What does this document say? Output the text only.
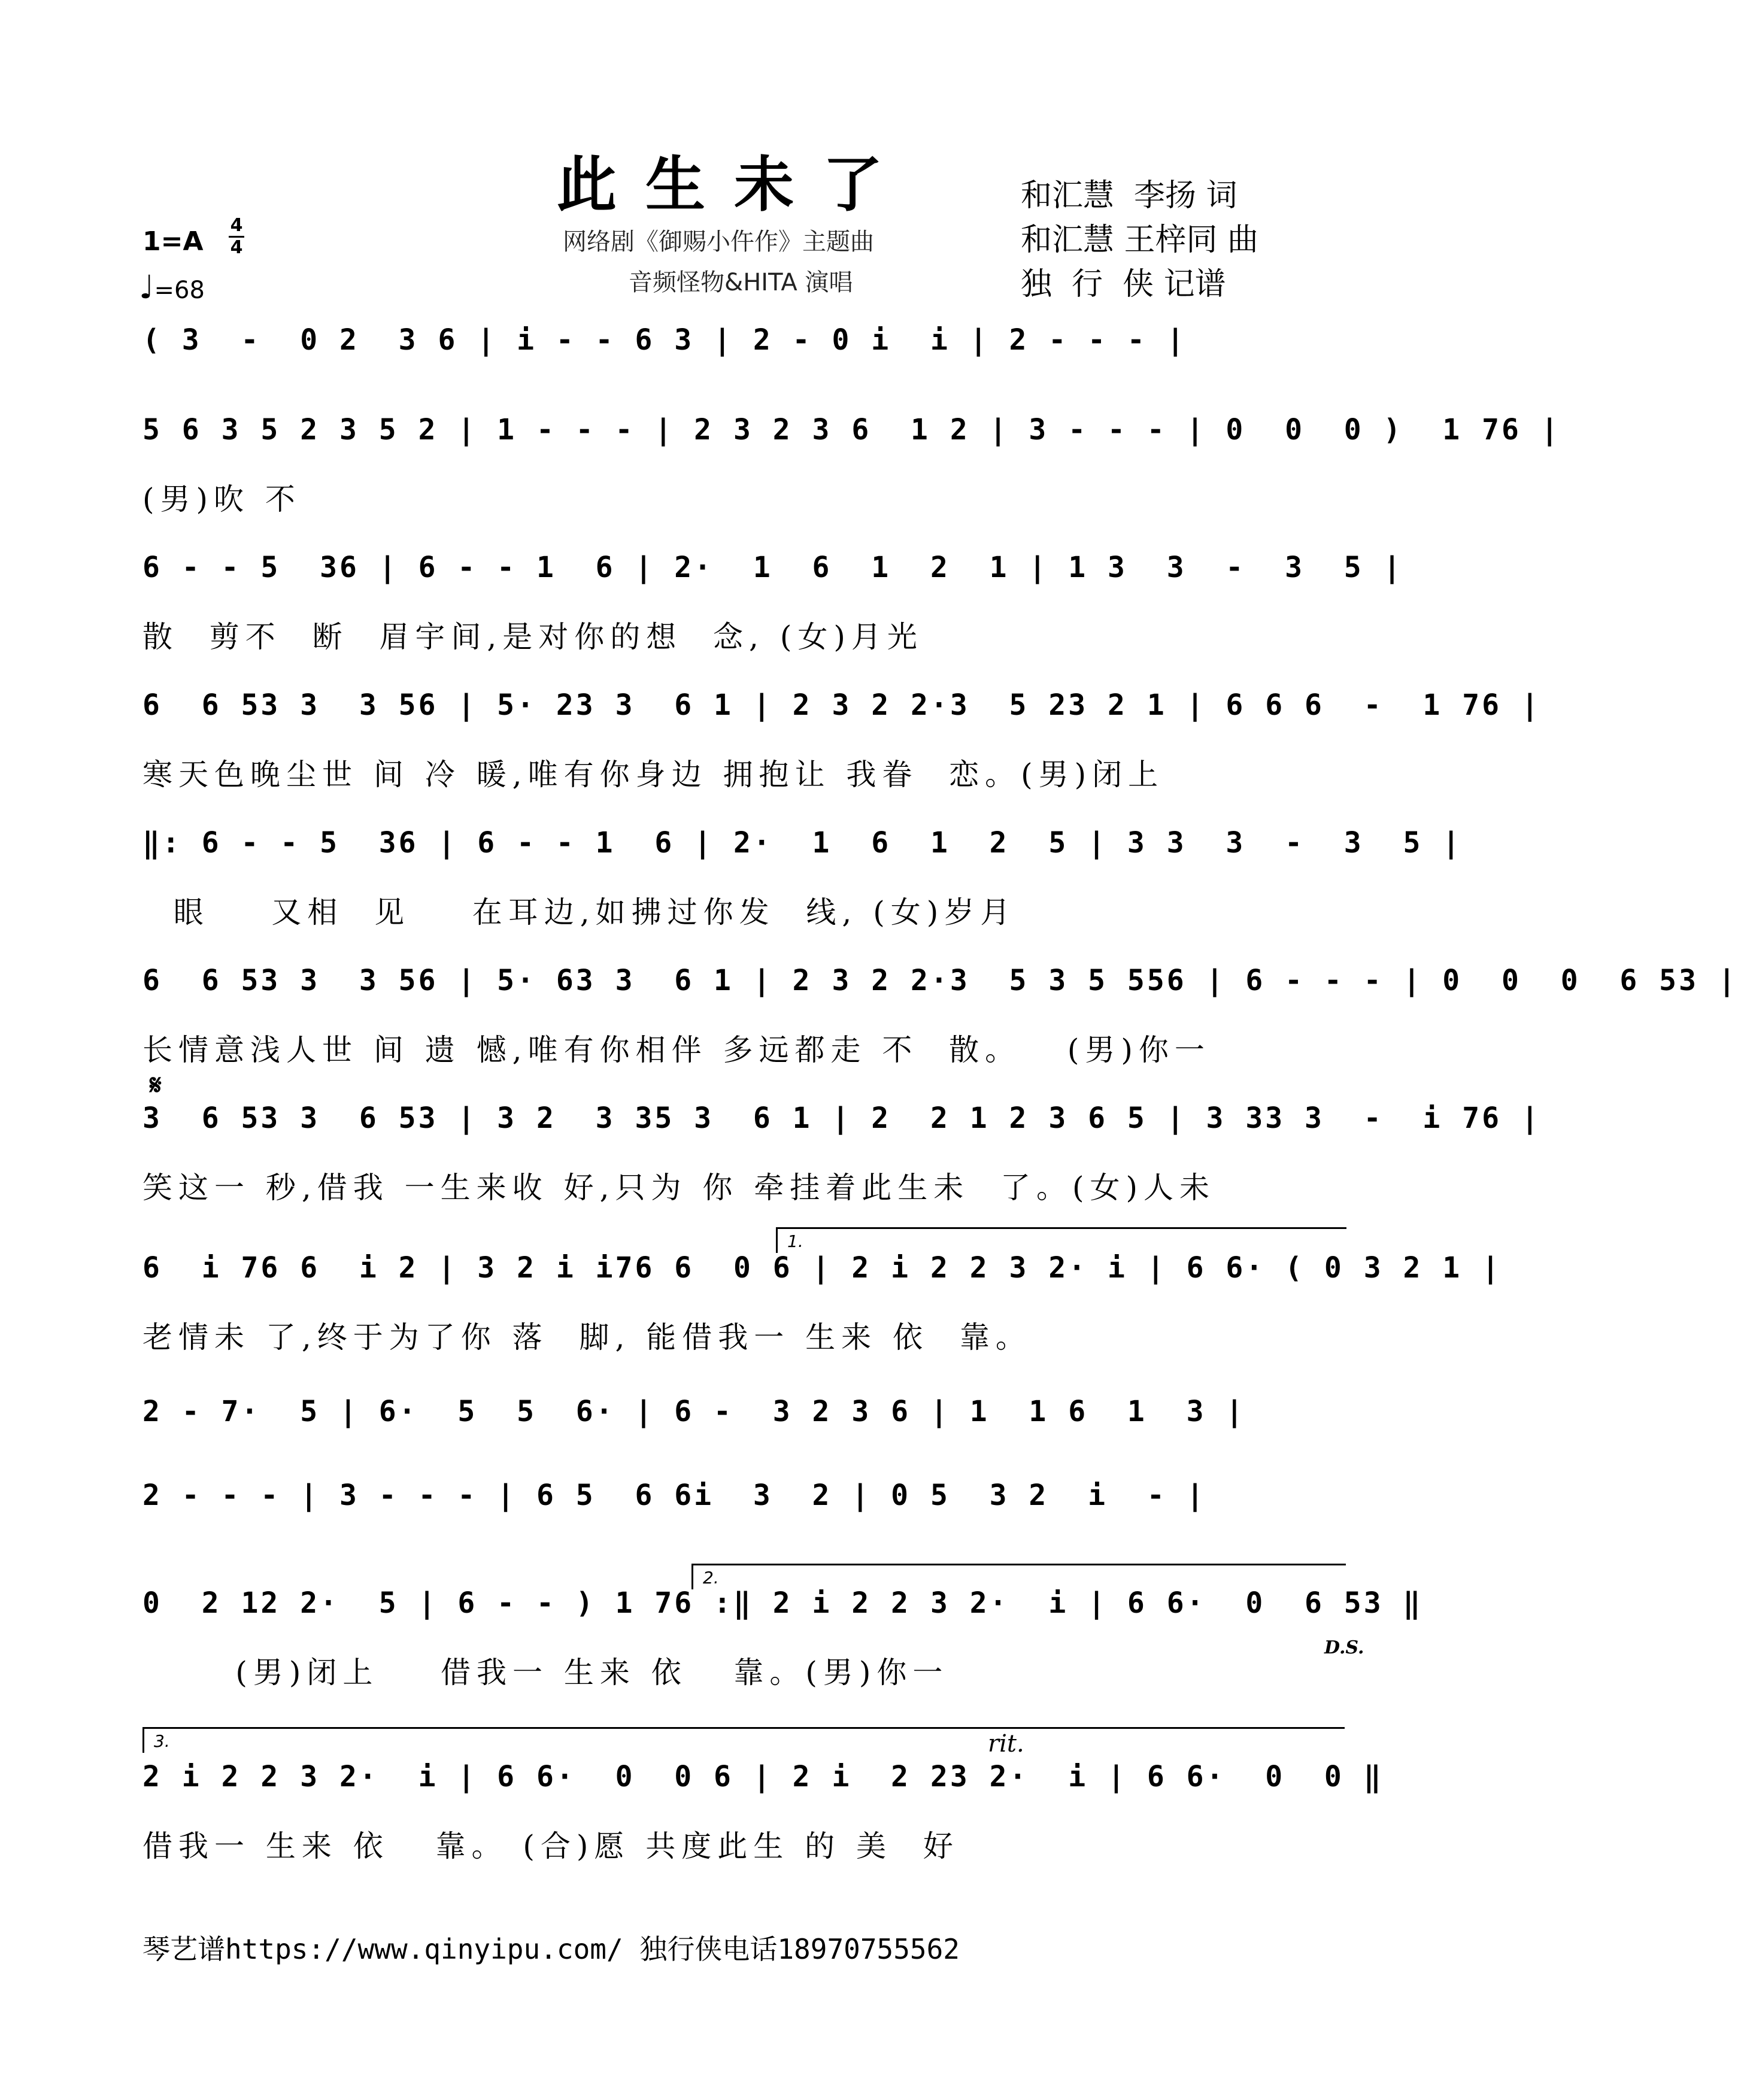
此生未了
网络剧《御赐小仵作》主题曲
音频怪物&HITA 演唱
和汇慧  李扬 词
和汇慧 王梓同 曲
独  行  侠 记谱
1=A
4
4
♩=68
( 3  -  0 2  3 6 | i - - 6 3 | 2 - 0 i  i | 2 - - - |
5 6 3 5 2 3 5 2 | 1 - - - | 2 3 2 3 6  1 2 | 3 - - - | 0  0  0 )  1 76 |
(男)吹 不
6 - - 5  36 | 6 - - 1  6 | 2·  1  6  1  2  1 | 1 3  3  -  3  5 |
散  剪不  断  眉宇间,是对你的想  念, (女)月光
6  6 53 3  3 56 | 5· 23 3  6 1 | 2 3 2 2·3  5 23 2 1 | 6 6 6  -  1 76 |
寒天色晚尘世 间 冷 暖,唯有你身边 拥抱让 我眷  恋。(男)闭上
‖: 6 - - 5  36 | 6 - - 1  6 | 2·  1  6  1  2  5 | 3 3  3  -  3  5 |
眼    又相  见    在耳边,如拂过你发  线, (女)岁月
6  6 53 3  3 56 | 5· 63 3  6 1 | 2 3 2 2·3  5 3 5 556 | 6 - - - | 0  0  0  6 53 |
长情意浅人世 间 遗 憾,唯有你相伴 多远都走 不  散。   (男)你一
3  6 53 3  6 53 | 3 2  3 35 3  6 1 | 2  2 1 2 3 6 5 | 3 33 3  -  i 76 |
笑这一 秒,借我 一生来收 好,只为 你 牵挂着此生未  了。(女)人未
6  i 76 6  i 2 | 3 2 i i76 6  0 6 | 2 i 2 2 3 2· i | 6 6· ( 0 3 2 1 |
老情未 了,终于为了你 落  脚, 能借我一 生来 依  靠。
2 - 7·  5 | 6·  5  5  6· | 6 -  3 2 3 6 | 1  1 6  1  3 |
2 - - - | 3 - - - | 6 5  6 6i  3  2 | 0 5  3 2  i  - |
0  2 12 2·  5 | 6 - - ) 1 76 :‖ 2 i 2 2 3 2·  i | 6 6·  0  6 53 ‖
(男)闭上    借我一 生来 依   靠。(男)你一
2 i 2 2 3 2·  i | 6 6·  0  0 6 | 2 i  2 23 2·  i | 6 6·  0  0 ‖
借我一 生来 依   靠。 (合)愿 共度此生 的 美  好
1.
2.
3.
𝄋
D.S.
rit.
琴艺谱https://www.qinyipu.com/ 独行侠电话18970755562
